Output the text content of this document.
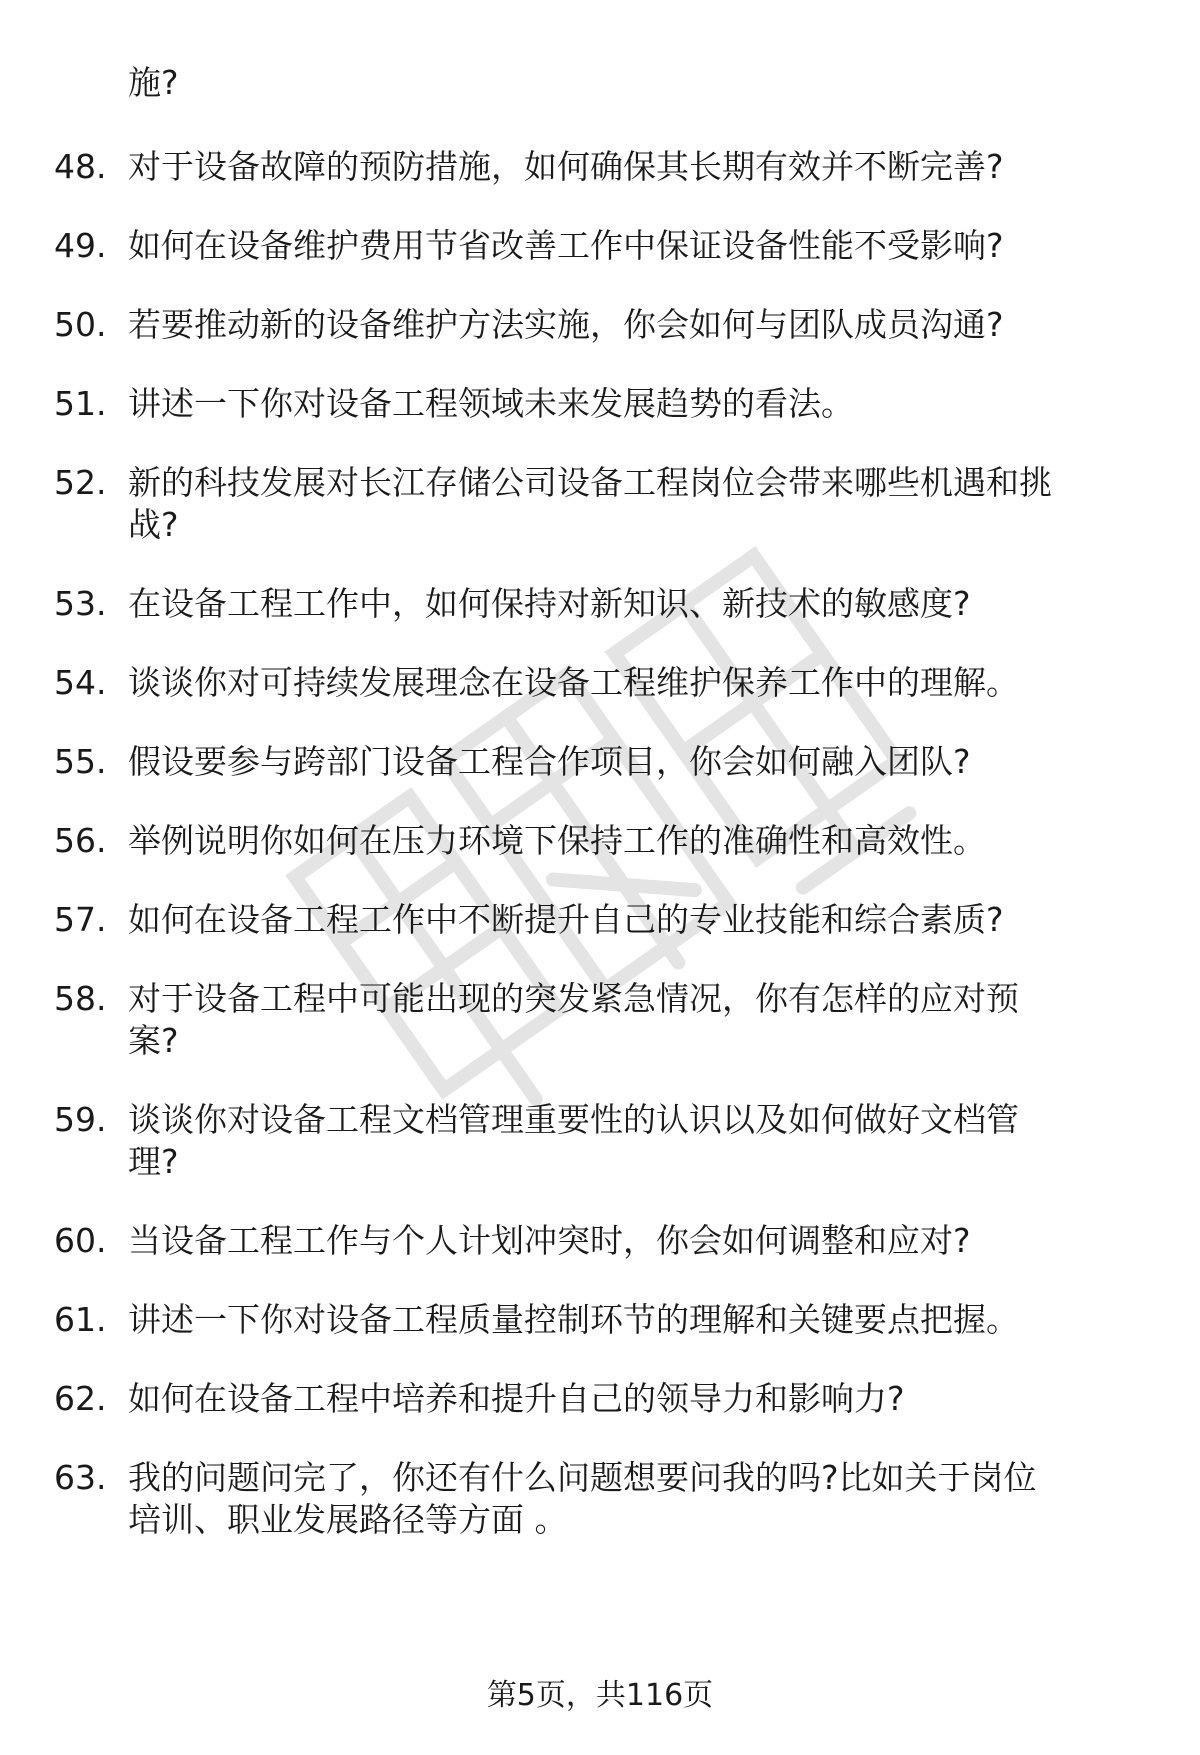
施?

48. 对于设备故障的预防措施，如何确保其长期有效并不断完善?
49. 如何在设备维护费用节省改善工作中保证设备性能不受影响?
50. 若要推动新的设备维护方法实施，你会如何与团队成员沟通?
51. 讲述一下你对设备工程领域未来发展趋势的看法。
52. 新的科技发展对长江存储公司设备工程岗位会带来哪些机遇和挑
战?
53. 在设备工程工作中，如何保持对新知识、新技术的敏感度?
54. 谈谈你对可持续发展理念在设备工程维护保养工作中的理解。
55. 假设要参与跨部门设备工程合作项目，你会如何融入团队?
56. 举例说明你如何在压力环境下保持工作的准确性和高效性。
57. 如何在设备工程工作中不断提升自己的专业技能和综合素质?
58. 对于设备工程中可能出现的突发紧急情况，你有怎样的应对预
案?
59. 谈谈你对设备工程文档管理重要性的认识以及如何做好文档管
理?
60. 当设备工程工作与个人计划冲突时，你会如何调整和应对?
61. 讲述一下你对设备工程质量控制环节的理解和关键要点把握。
62. 如何在设备工程中培养和提升自己的领导力和影响力?
63. 我的问题问完了，你还有什么问题想要问我的吗?比如关于岗位
培训、职业发展路径等方面 。
第5页，共116页
